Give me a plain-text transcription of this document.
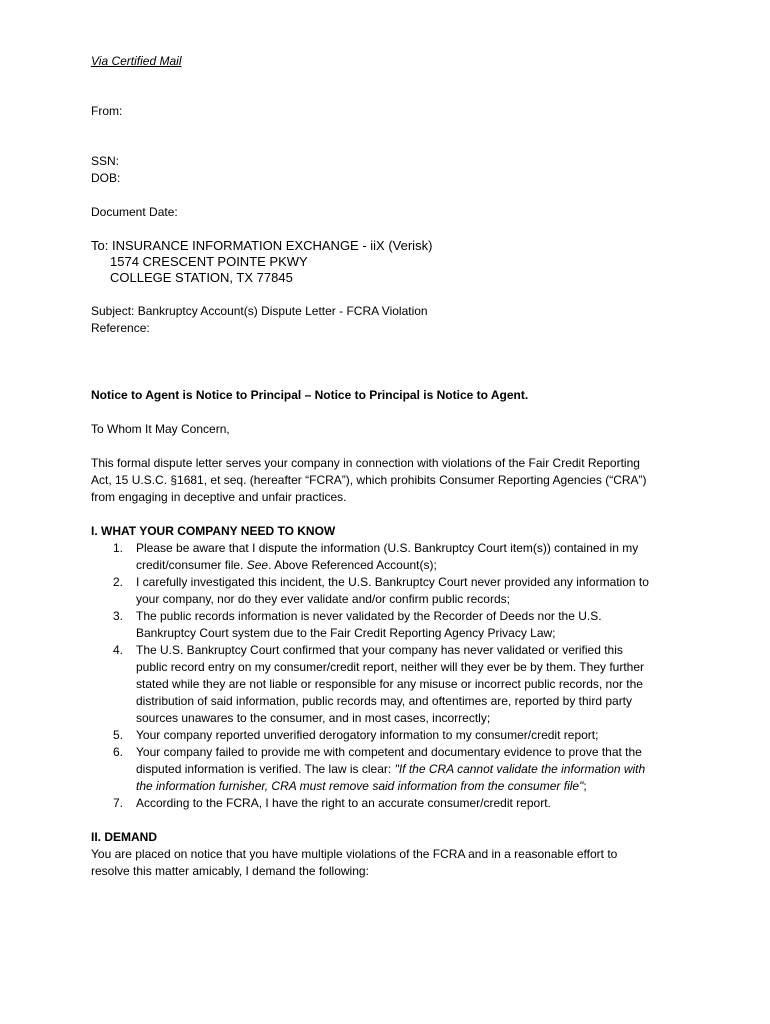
Via Certified Mail
From:
SSN:
DOB:
Document Date:
To: INSURANCE INFORMATION EXCHANGE - iiX (Verisk)
1574 CRESCENT POINTE PKWY
COLLEGE STATION, TX 77845
Subject: Bankruptcy Account(s) Dispute Letter - FCRA Violation
Reference:
Notice to Agent is Notice to Principal – Notice to Principal is Notice to Agent.
To Whom It May Concern,
This formal dispute letter serves your company in connection with violations of the Fair Credit Reporting
Act, 15 U.S.C. §1681, et seq. (hereafter “FCRA”), which prohibits Consumer Reporting Agencies (“CRA”)
from engaging in deceptive and unfair practices.
I. WHAT YOUR COMPANY NEED TO KNOW
1. Please be aware that I dispute the information (U.S. Bankruptcy Court item(s)) contained in my
credit/consumer file. See. Above Referenced Account(s);
2. I carefully investigated this incident, the U.S. Bankruptcy Court never provided any information to
your company, nor do they ever validate and/or confirm public records;
3. The public records information is never validated by the Recorder of Deeds nor the U.S.
Bankruptcy Court system due to the Fair Credit Reporting Agency Privacy Law;
4. The U.S. Bankruptcy Court confirmed that your company has never validated or verified this
public record entry on my consumer/credit report, neither will they ever be by them. They further
stated while they are not liable or responsible for any misuse or incorrect public records, nor the
distribution of said information, public records may, and oftentimes are, reported by third party
sources unawares to the consumer, and in most cases, incorrectly;
5. Your company reported unverified derogatory information to my consumer/credit report;
6. Your company failed to provide me with competent and documentary evidence to prove that the
disputed information is verified. The law is clear: "If the CRA cannot validate the information with
the information furnisher, CRA must remove said information from the consumer file";
7. According to the FCRA, I have the right to an accurate consumer/credit report.
II. DEMAND
You are placed on notice that you have multiple violations of the FCRA and in a reasonable effort to
resolve this matter amicably, I demand the following:
